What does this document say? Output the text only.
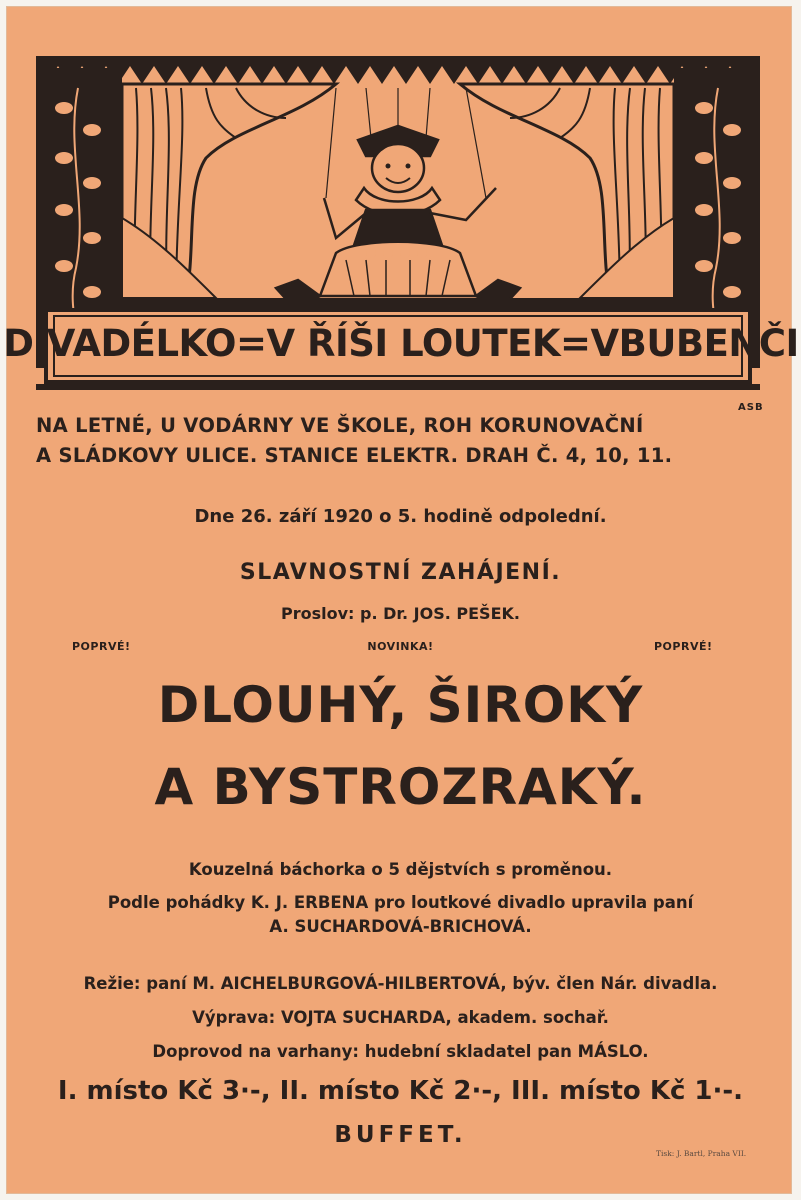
DIVADÉLKO=V ŘÍŠI LOUTEK=VBUBENČI
ASB
NA LETNÉ, U VODÁRNY VE ŠKOLE, ROH KORUNOVAČNÍ
A SLÁDKOVY ULICE. STANICE ELEKTR. DRAH Č. 4, 10, 11.
Dne 26. září 1920 o 5. hodině odpolední.
SLAVNOSTNÍ ZAHÁJENÍ.
Proslov: p. Dr. JOS. PEŠEK.
POPRVÉ!	NOVINKA!	POPRVÉ!
DLOUHÝ, ŠIROKÝ
A BYSTROZRAKÝ.
Kouzelná báchorka o 5 dějstvích s proměnou.
Podle pohádky K. J. ERBENA pro loutkové divadlo upravila paní
A. SUCHARDOVÁ-BRICHOVÁ.
Režie: paní M. AICHELBURGOVÁ-HILBERTOVÁ, býv. člen Nár. divadla.
Výprava: VOJTA SUCHARDA, akadem. sochař.
Doprovod na varhany: hudební skladatel pan MÁSLO.
I. místo Kč 3·-, II. místo Kč 2·-, III. místo Kč 1·-.
BUFFET.
Tisk: J. Bartl, Praha VII.
